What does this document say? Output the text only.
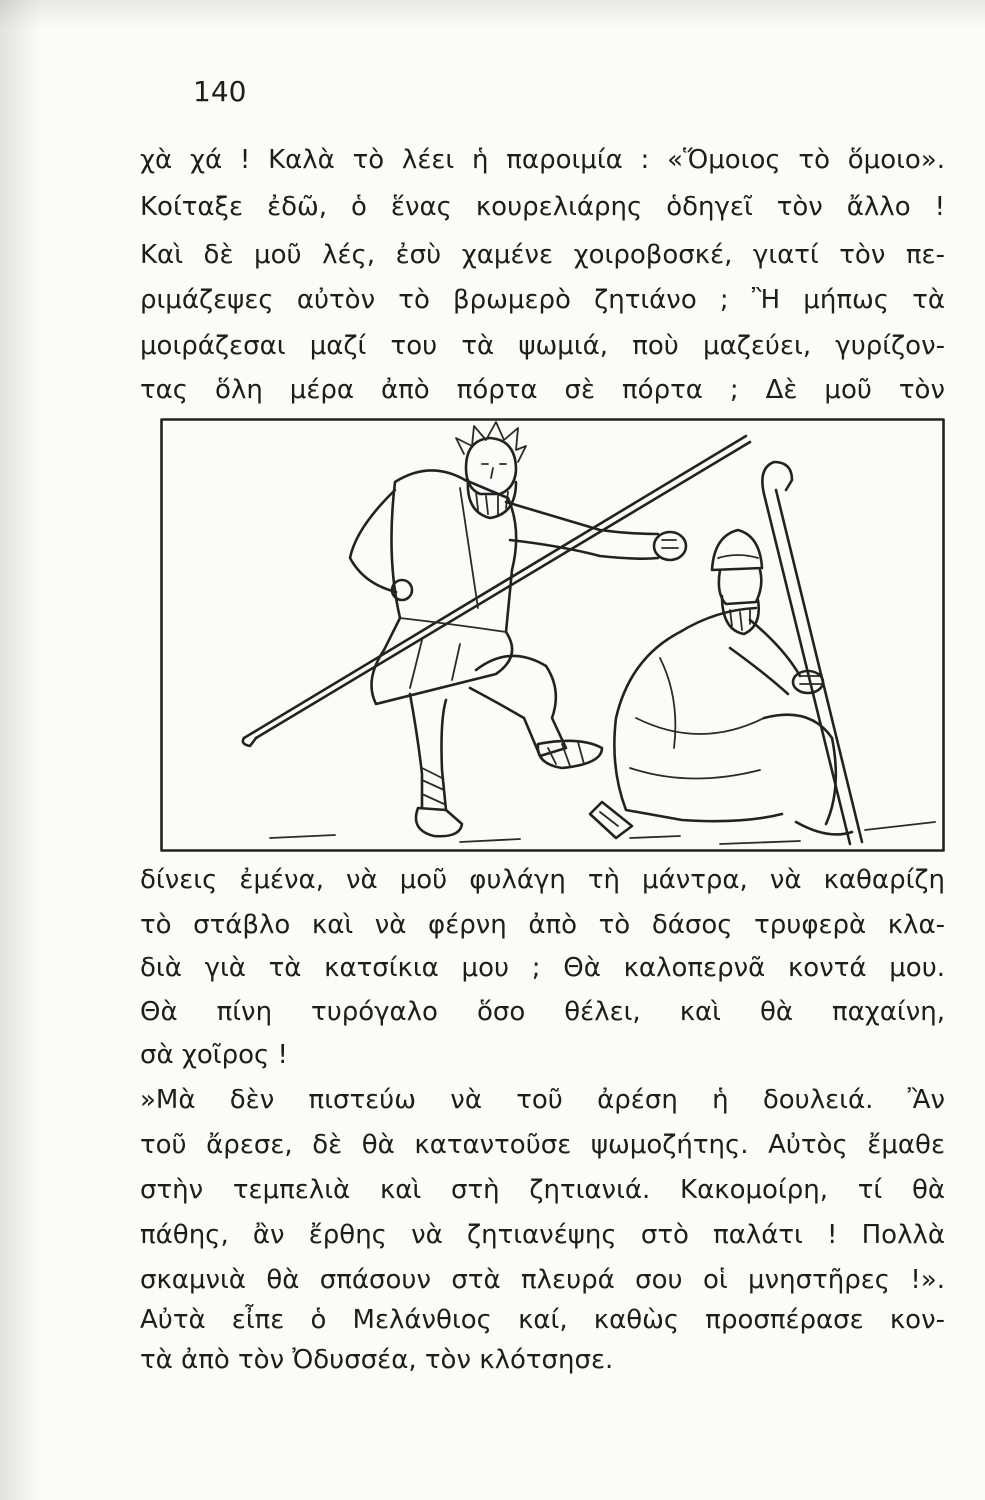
140
χὰ χά ! Καλὰ τὸ λέει ἡ παροιμία : «Ὅμοιος τὸ ὅμοιο».
Κοίταξε ἐδῶ, ὁ ἕνας κουρελιάρης ὁδηγεῖ τὸν ἄλλο !
Καὶ δὲ μοῦ λές, ἐσὺ χαμένε χοιροβοσκέ, γιατί τὸν πε-
ριμάζεψες αὐτὸν τὸ βρωμερὸ ζητιάνο ; Ἢ μήπως τὰ
μοιράζεσαι μαζί του τὰ ψωμιά, ποὺ μαζεύει, γυρίζον-
τας ὅλη μέρα ἀπὸ πόρτα σὲ πόρτα ; Δὲ μοῦ τὸν
δίνεις ἐμένα, νὰ μοῦ φυλάγη τὴ μάντρα, νὰ καθαρίζη
τὸ στάβλο καὶ νὰ φέρνη ἀπὸ τὸ δάσος τρυφερὰ κλα-
διὰ γιὰ τὰ κατσίκια μου ; Θὰ καλοπερνᾶ κοντά μου.
Θὰ πίνη τυρόγαλο ὅσο θέλει, καὶ θὰ παχαίνη,
σὰ χοῖρος !
»Μὰ δὲν πιστεύω νὰ τοῦ ἀρέση ἡ δουλειά. Ἂν
τοῦ ἄρεσε, δὲ θὰ καταντοῦσε ψωμοζήτης. Αὐτὸς ἔμαθε
στὴν τεμπελιὰ καὶ στὴ ζητιανιά. Κακομοίρη, τί θὰ
πάθης, ἂν ἔρθης νὰ ζητιανέψης στὸ παλάτι ! Πολλὰ
σκαμνιὰ θὰ σπάσουν στὰ πλευρά σου οἱ μνηστῆρες !».
Αὐτὰ εἶπε ὁ Μελάνθιος καί, καθὼς προσπέρασε κον-
τὰ ἀπὸ τὸν Ὀδυσσέα, τὸν κλότσησε.
